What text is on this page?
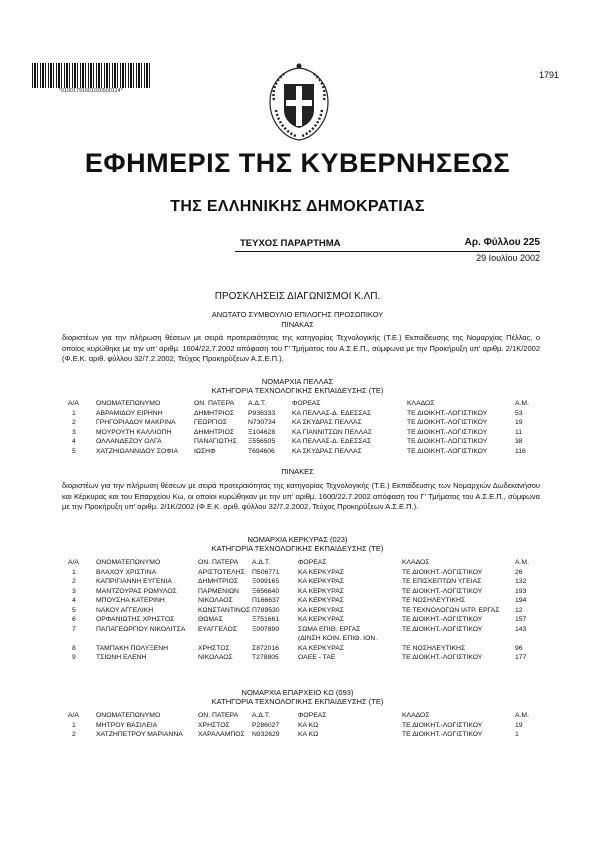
*01001791601020500124*
1791
ΕΦΗΜΕΡΙΣ ΤΗΣ ΚΥΒΕΡΝΗΣΕΩΣ
ΤΗΣ ΕΛΛΗΝΙΚΗΣ ΔΗΜΟΚΡΑΤΙΑΣ
ΤΕΥΧΟΣ ΠΑΡΑΡΤΗΜΑ	Αρ. Φύλλου 225
29 Ιουλίου 2002
ΠΡΟΣΚΛΗΣΕΙΣ ΔΙΑΓΩΝΙΣΜΟΙ Κ.ΛΠ.
ΑΝΩΤΑΤΟ ΣΥΜΒΟΥΛΙΟ ΕΠΙΛΟΓΗΣ ΠΡΟΣΩΠΙΚΟΥ
ΠΙΝΑΚΑΣ
διοριστέων για την πλήρωση θέσεων με σειρά προτεραιότητας της κατηγορίας Τεχνολογικής (Τ.Ε.) Εκπαίδευσης της Νομαρχίας Πέλλας, ο οποίος κυρώθηκε με την υπ' αριθμ. 1604/22.7.2002 απόφαση του Γ' Τμήματος του Α.Σ.Ε.Π., σύμφωνα με την Προκήρυξη υπ' αριθμ. 2/1Κ/2002 (Φ.Ε.Κ. αριθ. φύλλου 32/7.2.2002, Τεύχος Προκηρύξεων Α.Σ.Ε.Π.).
ΝΟΜΑΡΧΙΑ ΠΕΛΛΑΣ
ΚΑΤΗΓΟΡΙΑ ΤΕΧΝΟΛΟΓΙΚΗΣ ΕΚΠΑΙΔΕΥΣΗΣ (ΤΕ)
Α/Α	ΟΝΟΜΑΤΕΠΩΝΥΜΟ	ΟΝ. ΠΑΤΕΡΑ	Α.Δ.Τ.	ΦΟΡΕΑΣ	ΚΛΑΔΟΣ	Α.Μ.
1	ΑΒΡΑΜΙΔΟΥ ΕΙΡΗΝΗ	ΔΗΜΗΤΡΙΟΣ	Ρ936333	ΚΑ ΠΕΛΛΑΣ-Δ. ΕΔΕΣΣΑΣ	ΤΕ ΔΙΟΙΚΗΤ.-ΛΟΓΙΣΤΙΚΟΥ	53
2	ΓΡΗΓΟΡΙΑΔΟΥ ΜΑΚΡΙΝΑ	ΓΕΩΡΓΙΟΣ	Ν730734	ΚΑ ΣΚΥΔΡΑΣ ΠΕΛΛΑΣ	ΤΕ ΔΙΟΙΚΗΤ.-ΛΟΓΙΣΤΙΚΟΥ	19
3	ΜΟΥΡΟΥΤΗ ΚΑΛΛΙΟΠΗ	ΔΗΜΗΤΡΙΟΣ	Ξ104628	ΚΑ ΓΙΑΝΝΙΤΣΩΝ ΠΕΛΛΑΣ	ΤΕ ΔΙΟΙΚΗΤ.-ΛΟΓΙΣΤΙΚΟΥ	11
4	ΟΛΛΑΝΔΕΖΟΥ ΟΛΓΑ	ΠΑΝΑΓΙΩΤΗΣ	Ξ556505	ΚΑ ΠΕΛΛΑΣ-Δ. ΕΔΕΣΣΑΣ	ΤΕ ΔΙΟΙΚΗΤ.-ΛΟΓΙΣΤΙΚΟΥ	38
5	ΧΑΤΖΗΙΩΑΝΝΙΔΟΥ ΣΟΦΙΑ	ΙΩΣΗΦ	Τ694606	ΚΑ ΣΚΥΔΡΑΣ ΠΕΛΛΑΣ	ΤΕ ΔΙΟΙΚΗΤ.-ΛΟΓΙΣΤΙΚΟΥ	116
ΠΙΝΑΚΕΣ
διοριστέων για την πλήρωση θέσεων με σειρά προτεραιότητας της κατηγορίας Τεχνολογικής (Τ.Ε.) Εκπαίδευσης των Νομαρχιών Δωδεκανήσου και Κέρκυρας και του Επαρχείου Κω, οι οποίοι κυρώθηκαν με την υπ' αριθμ. 1600/22.7.2002 απόφαση του Γ' Τμήματος του Α.Σ.Ε.Π., σύμφωνα με την Προκήρυξη υπ' αριθμ. 2/1Κ/2002 (Φ.Ε.Κ. αριθ. φύλλου 32/7.2.2002, Τεύχος Προκηρύξεων Α.Σ.Ε.Π.).
ΝΟΜΑΡΧΙΑ ΚΕΡΚΥΡΑΣ (023)
ΚΑΤΗΓΟΡΙΑ ΤΕΧΝΟΛΟΓΙΚΗΣ ΕΚΠΑΙΔΕΥΣΗΣ (ΤΕ)
Α/Α	ΟΝΟΜΑΤΕΠΩΝΥΜΟ	ΟΝ. ΠΑΤΕΡΑ	Α.Δ.Τ.	ΦΟΡΕΑΣ	ΚΛΑΔΟΣ	Α.Μ.
1	ΒΛΑΧΟΥ ΧΡΙΣΤΙΝΑ	ΑΡΙΣΤΟΤΕΛΗΣ	Π506771	ΚΑ ΚΕΡΚΥΡΑΣ	ΤΕ ΔΙΟΙΚΗΤ.-ΛΟΓΙΣΤΙΚΟΥ	26
2	ΚΑΠΡΙΓΙΑΝΝΗ ΕΥΓΕΝΙΑ	ΔΗΜΗΤΡΙΟΣ	Ξ099165	ΚΑ ΚΕΡΚΥΡΑΣ	ΤΕ ΕΠΙΣΚΕΠΤΩΝ ΥΓΕΙΑΣ	132
3	ΜΑΝΤΖΟΥΡΑΣ ΡΩΜΥΛΟΣ	ΠΑΡΜΕΝΙΩΝ	Ξ656640	ΚΑ ΚΕΡΚΥΡΑΣ	ΤΕ ΔΙΟΙΚΗΤ.-ΛΟΓΙΣΤΙΚΟΥ	193
4	ΜΠΟΥΣΗΑ ΚΑΤΕΡΙΝΗ	ΝΙΚΟΛΑΟΣ	Π166637	ΚΑ ΚΕΡΚΥΡΑΣ	ΤΕ ΝΟΣΗΛΕΥΤΙΚΗΣ	194
5	ΝΑΚΟΥ ΑΓΓΕΛΙΚΗ	ΚΩΝΣΤΑΝΤΙΝΟΣ	Π789530	ΚΑ ΚΕΡΚΥΡΑΣ	ΤΕ ΤΕΧΝΟΛΟΓΩΝ ΙΑΤΡ. ΕΡΓΑΣ	12
6	ΟΡΦΑΝΙΩΤΗΣ ΧΡΗΣΤΟΣ	ΘΩΜΑΣ	Ξ751661	ΚΑ ΚΕΡΚΥΡΑΣ	ΤΕ ΔΙΟΙΚΗΤ.-ΛΟΓΙΣΤΙΚΟΥ	157
7	ΠΑΠΑΓΕΩΡΓΙΟΥ ΝΙΚΟΛΙΤΣΑ	ΕΥΑΓΓΕΛΟΣ	Ξ007890	ΣΩΜΑ ΕΠΙΘ. ΕΡΓΑΣ	ΤΕ ΔΙΟΙΚΗΤ.-ΛΟΓΙΣΤΙΚΟΥ	143
				(ΔΙΝΣΗ ΚΟΙΝ. ΕΠΙΘ. ΙΟΝ.		
8	ΤΑΜΠΑΚΗ ΠΟΛΥΞΕΝΗ	ΧΡΗΣΤΟΣ	Σ872016	ΚΑ ΚΕΡΚΥΡΑΣ	ΤΕ ΝΟΣΗΛΕΥΤΙΚΗΣ	96
9	ΤΣΙΩΝΗ ΕΛΕΝΗ	ΝΙΚΟΛΑΟΣ	Τ278805	ΟΑΕΕ - ΤΑΕ	ΤΕ ΔΙΟΙΚΗΤ.-ΛΟΓΙΣΤΙΚΟΥ	177
ΝΟΜΑΡΧΙΑ ΕΠΑΡΧΕΙΟ ΚΩ (093)
ΚΑΤΗΓΟΡΙΑ ΤΕΧΝΟΛΟΓΙΚΗΣ ΕΚΠΑΙΔΕΥΣΗΣ (ΤΕ)
Α/Α	ΟΝΟΜΑΤΕΠΩΝΥΜΟ	ΟΝ. ΠΑΤΕΡΑ	Α.Δ.Τ.	ΦΟΡΕΑΣ	ΚΛΑΔΟΣ	Α.Μ.
1	ΜΗΤΡΟΥ ΒΑΣΙΛΕΙΑ	ΧΡΗΣΤΟΣ	Ρ286027	ΚΑ ΚΩ	ΤΕ ΔΙΟΙΚΗΤ.-ΛΟΓΙΣΤΙΚΟΥ	19
2	ΧΑΤΖΗΠΕΤΡΟΥ ΜΑΡΙΑΝΝΑ	ΧΑΡΑΛΑΜΠΟΣ	Ν932629	ΚΑ ΚΩ	ΤΕ ΔΙΟΙΚΗΤ.-ΛΟΓΙΣΤΙΚΟΥ	1
